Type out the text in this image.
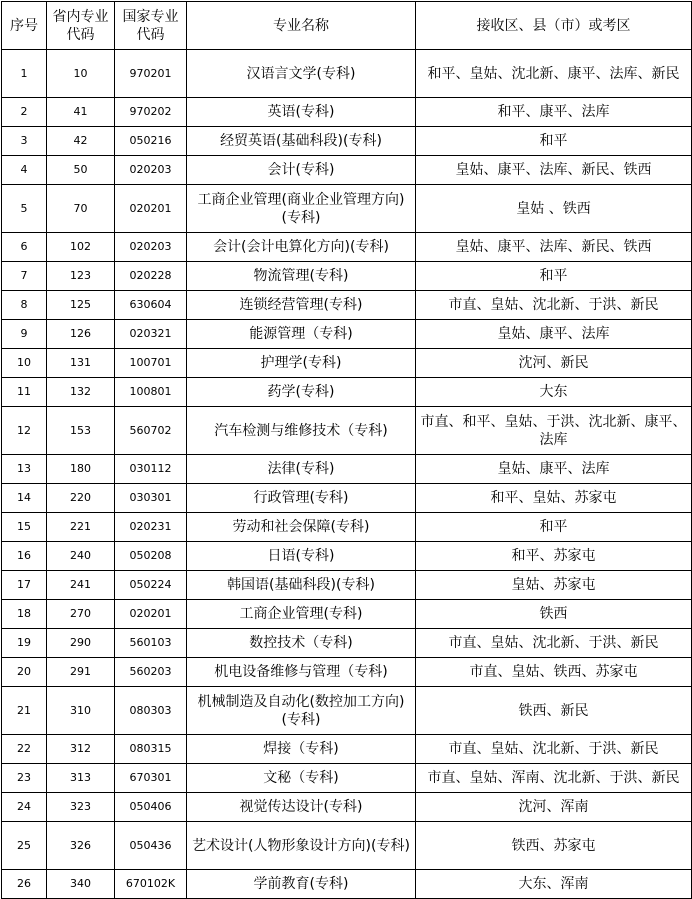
序号	省内专业代码	国家专业代码	专业名称	接收区、县（市）或考区
1	10	970201	汉语言文学(专科)	和平、皇姑、沈北新、康平、法库、新民
2	41	970202	英语(专科)	和平、康平、法库
3	42	050216	经贸英语(基础科段)(专科)	和平
4	50	020203	会计(专科)	皇姑、康平、法库、新民、铁西
5	70	020201	工商企业管理(商业企业管理方向)(专科)	皇姑 、铁西
6	102	020203	会计(会计电算化方向)(专科)	皇姑、康平、法库、新民、铁西
7	123	020228	物流管理(专科)	和平
8	125	630604	连锁经营管理(专科)	市直、皇姑、沈北新、于洪、新民
9	126	020321	能源管理（专科)	皇姑、康平、法库
10	131	100701	护理学(专科)	沈河、新民
11	132	100801	药学(专科)	大东
12	153	560702	汽车检测与维修技术（专科)	市直、和平、皇姑、于洪、沈北新、康平、法库
13	180	030112	法律(专科)	皇姑、康平、法库
14	220	030301	行政管理(专科)	和平、皇姑、苏家屯
15	221	020231	劳动和社会保障(专科)	和平
16	240	050208	日语(专科)	和平、苏家屯
17	241	050224	韩国语(基础科段)(专科)	皇姑、苏家屯
18	270	020201	工商企业管理(专科)	铁西
19	290	560103	数控技术（专科)	市直、皇姑、沈北新、于洪、新民
20	291	560203	机电设备维修与管理（专科)	市直、皇姑、铁西、苏家屯
21	310	080303	机械制造及自动化(数控加工方向)(专科)	铁西、新民
22	312	080315	焊接（专科)	市直、皇姑、沈北新、于洪、新民
23	313	670301	文秘（专科)	市直、皇姑、浑南、沈北新、于洪、新民
24	323	050406	视觉传达设计(专科)	沈河、浑南
25	326	050436	艺术设计(人物形象设计方向)(专科)	铁西、苏家屯
26	340	670102K	学前教育(专科)	大东、浑南
